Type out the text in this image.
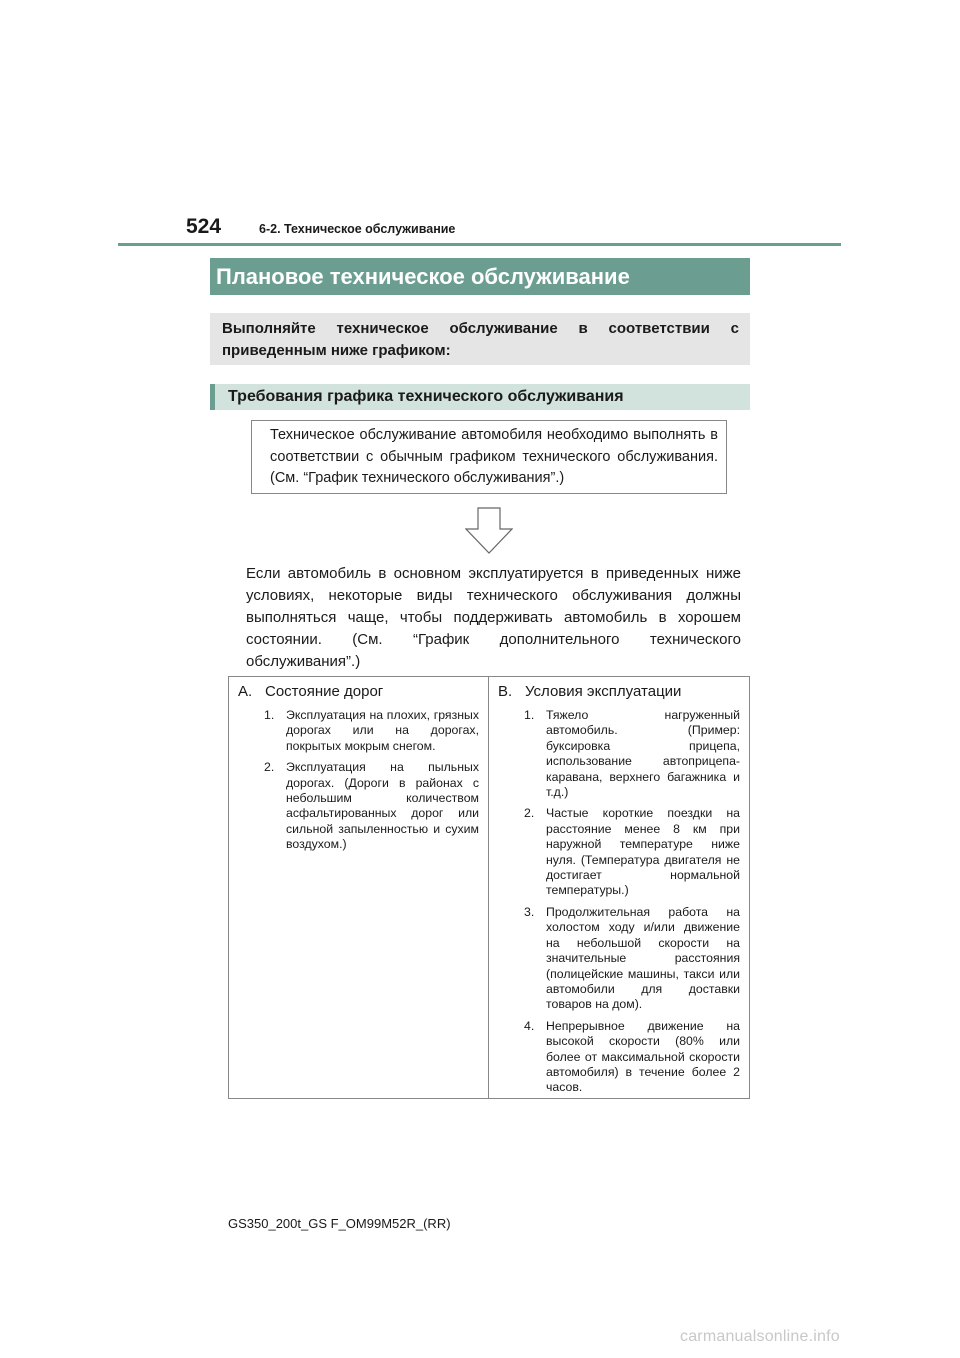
524	6-2. Техническое обслуживание
Плановое техническое обслуживание
Выполняйте техническое обслуживание в соответствии с приведенным ниже графиком:
Требования графика технического обслуживания
Техническое обслуживание автомобиля необходимо выполнять в соответствии с обычным графиком технического обслуживания. (См. “График технического обслуживания”.)
Если автомобиль в основном эксплуатируется в приведенных ниже условиях, некоторые виды технического обслуживания должны выполняться чаще, чтобы поддерживать автомобиль в хорошем состоянии. (См. “График дополнительного технического обслуживания”.)
A. Состояние дорог
1. Эксплуатация на плохих, грязных дорогах или на дорогах, покрытых мокрым снегом.
2. Эксплуатация на пыльных дорогах. (Дороги в районах с небольшим количеством асфальтированных дорог или сильной запыленностью и сухим воздухом.)
B. Условия эксплуатации
1. Тяжело нагруженный автомобиль. (Пример: буксировка прицепа, использование автоприцепа-каравана, верхнего багажника и т.д.)
2. Частые короткие поездки на расстояние менее 8 км при наружной температуре ниже нуля. (Температура двигателя не достигает нормальной температуры.)
3. Продолжительная работа на холостом ходу и/или движение на небольшой скорости на значительные расстояния (полицейские машины, такси или автомобили для доставки товаров на дом).
4. Непрерывное движение на высокой скорости (80% или более от максимальной скорости автомобиля) в течение более 2 часов.
GS350_200t_GS F_OM99M52R_(RR)
carmanualsonline.info
